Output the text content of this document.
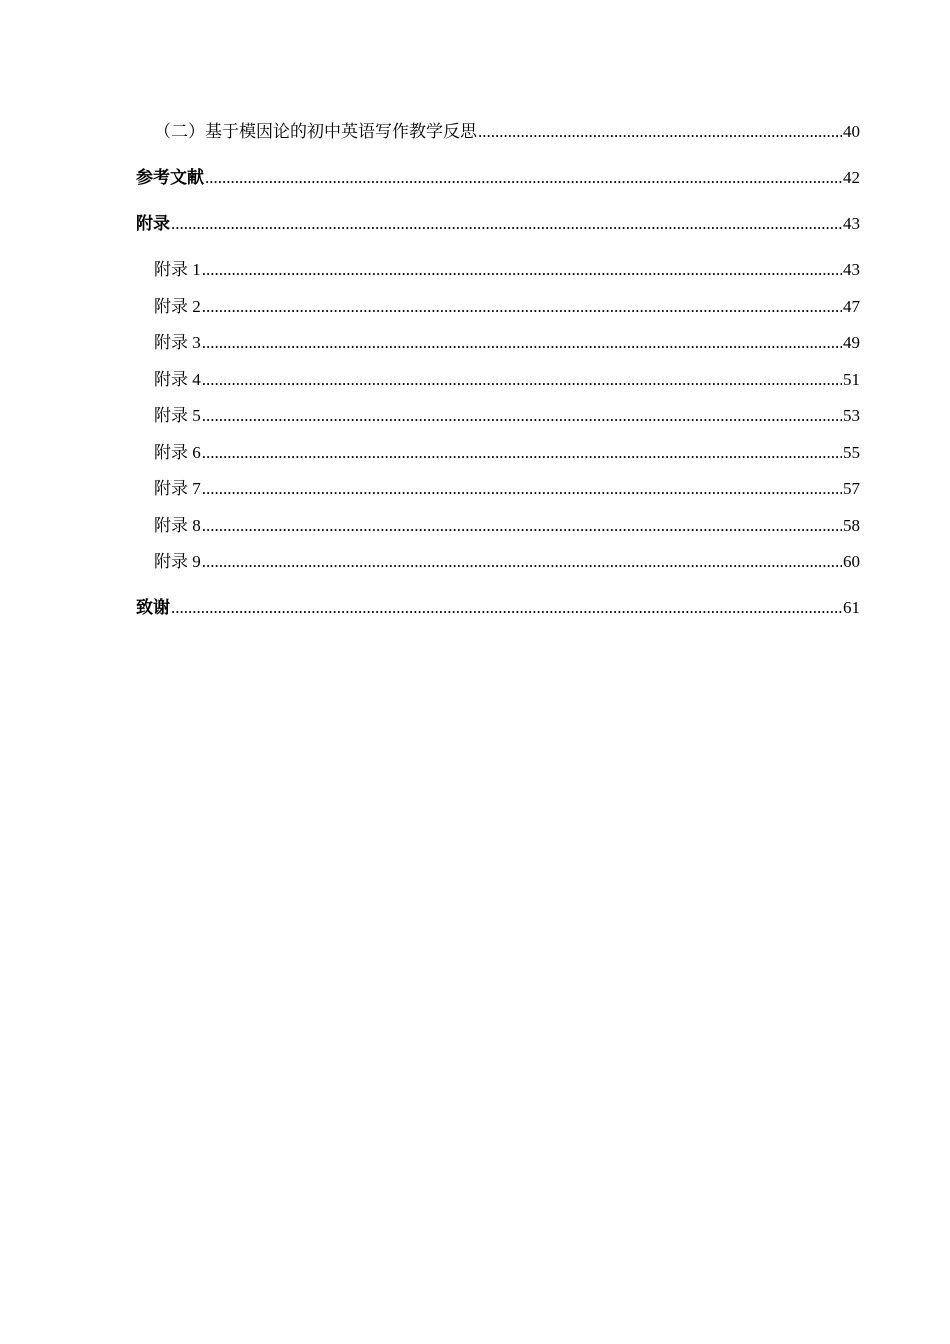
（二）基于模因论的初中英语写作教学反思 .....	40
参考文献 .....	42
附录 .....	43
附录 1 .....	43
附录 2 .....	47
附录 3 .....	49
附录 4 .....	51
附录 5 .....	53
附录 6 .....	55
附录 7 .....	57
附录 8 .....	58
附录 9 .....	60
致谢 .....	61
